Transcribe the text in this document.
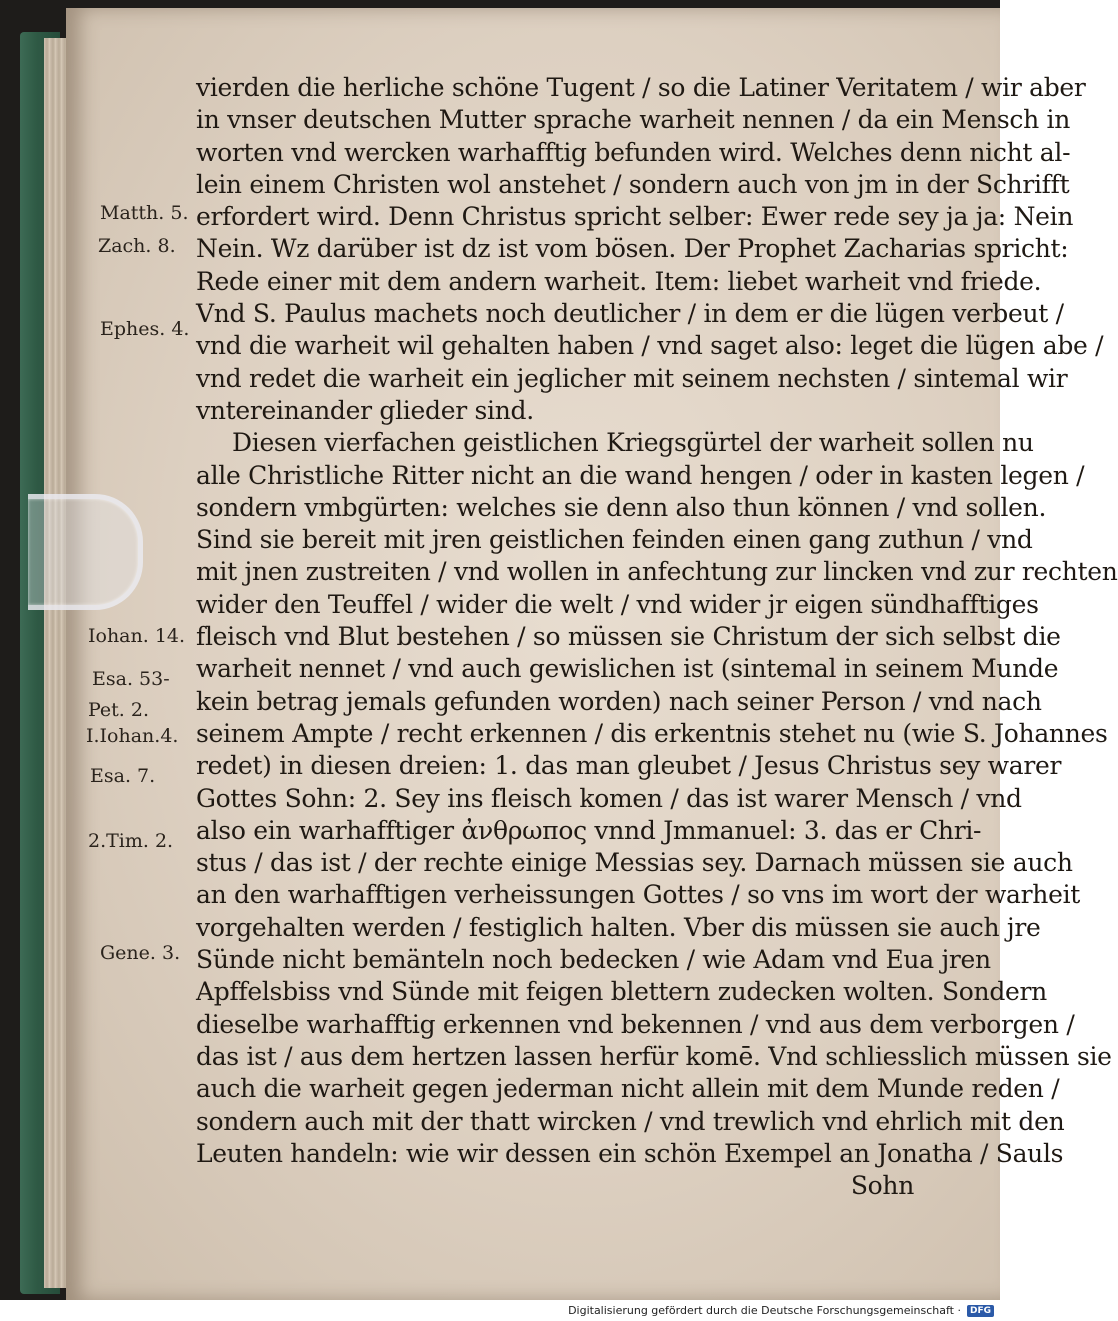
Matth. 5.
Zach. 8.
Ephes. 4.
Iohan. 14.
Esa. 53-
Pet. 2.
I.Iohan.4.
Esa. 7.
2.Tim. 2.
Gene. 3.
vierden die herliche schöne Tugent / so die Latiner Veritatem / wir aber
in vnser deutschen Mutter sprache warheit nennen / da ein Mensch in
worten vnd wercken warhafftig befunden wird. Welches denn nicht al-
lein einem Christen wol anstehet / sondern auch von jm in der Schrifft
erfordert wird. Denn Christus spricht selber: Ewer rede sey ja ja: Nein
Nein. Wz darüber ist dz ist vom bösen. Der Prophet Zacharias spricht:
Rede einer mit dem andern warheit. Item: liebet warheit vnd friede.
Vnd S. Paulus machets noch deutlicher / in dem er die lügen verbeut /
vnd die warheit wil gehalten haben / vnd saget also: leget die lügen abe /
vnd redet die warheit ein jeglicher mit seinem nechsten / sintemal wir
vntereinander glieder sind.
Diesen vierfachen geistlichen Kriegsgürtel der warheit sollen nu
alle Christliche Ritter nicht an die wand hengen / oder in kasten legen /
sondern vmbgürten: welches sie denn also thun können / vnd sollen.
Sind sie bereit mit jren geistlichen feinden einen gang zuthun / vnd
mit jnen zustreiten / vnd wollen in anfechtung zur lincken vnd zur rechten
wider den Teuffel / wider die welt / vnd wider jr eigen sündhafftiges
fleisch vnd Blut bestehen / so müssen sie Christum der sich selbst die
warheit nennet / vnd auch gewislichen ist (sintemal in seinem Munde
kein betrag jemals gefunden worden) nach seiner Person / vnd nach
seinem Ampte / recht erkennen / dis erkentnis stehet nu (wie S. Johannes
redet) in diesen dreien: 1. das man gleubet / Jesus Christus sey warer
Gottes Sohn: 2. Sey ins fleisch komen / das ist warer Mensch / vnd
also ein warhafftiger ἀνθρωπος vnnd Jmmanuel: 3. das er Chri-
stus / das ist / der rechte einige Messias sey. Darnach müssen sie auch
an den warhafftigen verheissungen Gottes / so vns im wort der warheit
vorgehalten werden / festiglich halten. Vber dis müssen sie auch jre
Sünde nicht bemänteln noch bedecken / wie Adam vnd Eua jren
Apffelsbiss vnd Sünde mit feigen blettern zudecken wolten. Sondern
dieselbe warhafftig erkennen vnd bekennen / vnd aus dem verborgen /
das ist / aus dem hertzen lassen herfür komē. Vnd schliesslich müssen sie
auch die warheit gegen jederman nicht allein mit dem Munde reden /
sondern auch mit der thatt wircken / vnd trewlich vnd ehrlich mit den
Leuten handeln: wie wir dessen ein schön Exempel an Jonatha / Sauls
Sohn
Digitalisierung gefördert durch die Deutsche Forschungsgemeinschaft ·	DFG
